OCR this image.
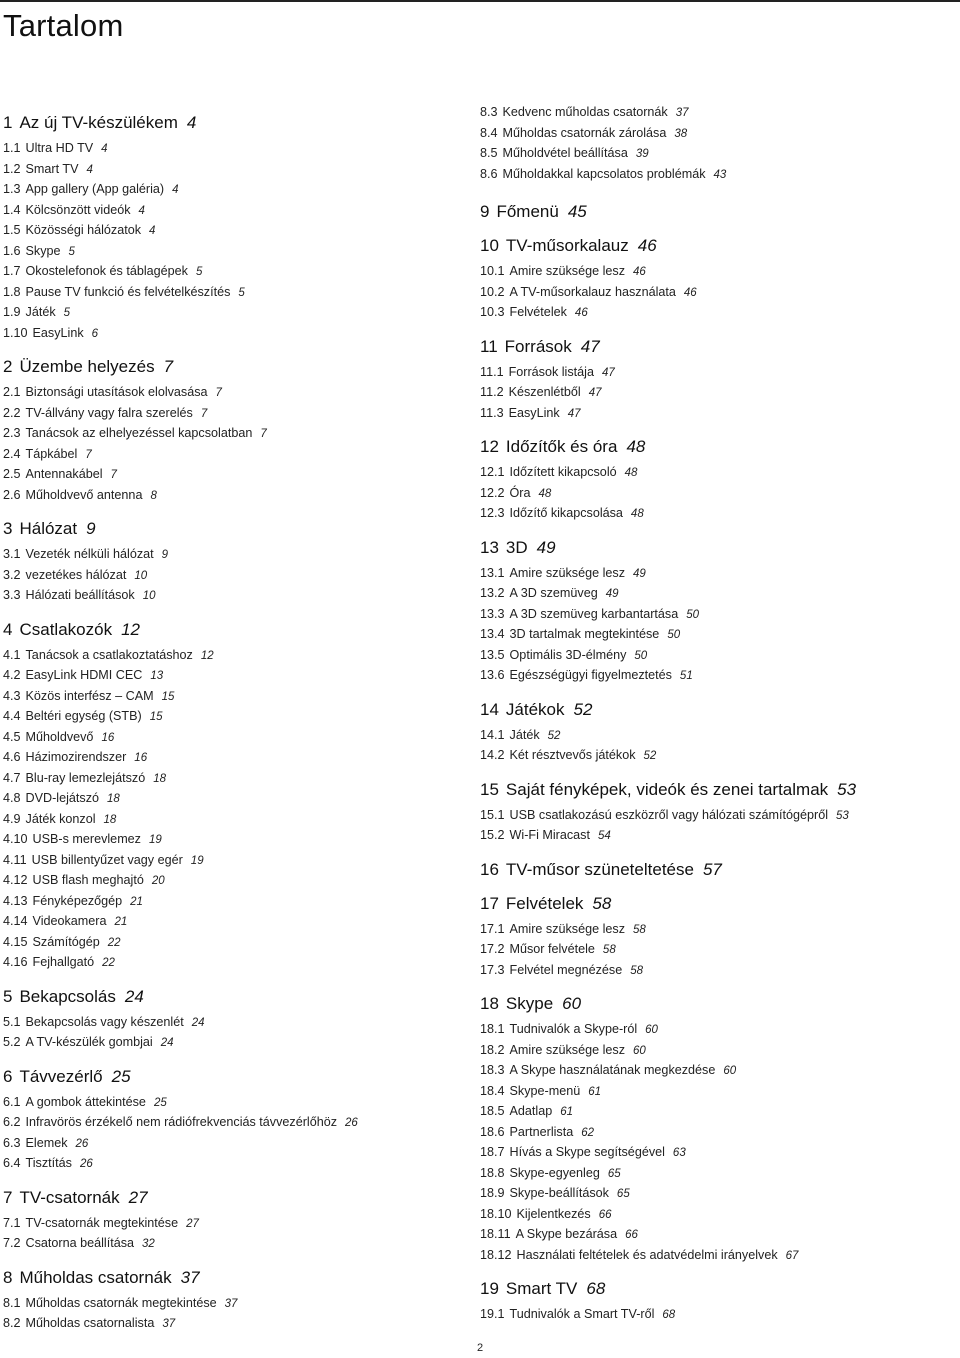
Tartalom
1 Az új TV-készülékem 4
1.1 Ultra HD TV 4
1.2 Smart TV 4
1.3 App gallery (App galéria) 4
1.4 Kölcsönzött videók 4
1.5 Közösségi hálózatok 4
1.6 Skype 5
1.7 Okostelefonok és táblagépek 5
1.8 Pause TV funkció és felvételkészítés 5
1.9 Játék 5
1.10 EasyLink 6
2 Üzembe helyezés 7
2.1 Biztonsági utasítások elolvasása 7
2.2 TV-állvány vagy falra szerelés 7
2.3 Tanácsok az elhelyezéssel kapcsolatban 7
2.4 Tápkábel 7
2.5 Antennakábel 7
2.6 Műholdvevő antenna 8
3 Hálózat 9
3.1 Vezeték nélküli hálózat 9
3.2 vezetékes hálózat 10
3.3 Hálózati beállítások 10
4 Csatlakozók 12
4.1 Tanácsok a csatlakoztatáshoz 12
4.2 EasyLink HDMI CEC 13
4.3 Közös interfész – CAM 15
4.4 Beltéri egység (STB) 15
4.5 Műholdvevő 16
4.6 Házimozirendszer 16
4.7 Blu-ray lemezlejátszó 18
4.8 DVD-lejátszó 18
4.9 Játék konzol 18
4.10 USB-s merevlemez 19
4.11 USB billentyűzet vagy egér 19
4.12 USB flash meghajtó 20
4.13 Fényképezőgép 21
4.14 Videokamera 21
4.15 Számítógép 22
4.16 Fejhallgató 22
5 Bekapcsolás 24
5.1 Bekapcsolás vagy készenlét 24
5.2 A TV-készülék gombjai 24
6 Távvezérlő 25
6.1 A gombok áttekintése 25
6.2 Infravörös érzékelő nem rádiófrekvenciás távvezérlőhöz 26
6.3 Elemek 26
6.4 Tisztítás 26
7 TV-csatornák 27
7.1 TV-csatornák megtekintése 27
7.2 Csatorna beállítása 32
8 Műholdas csatornák 37
8.1 Műholdas csatornák megtekintése 37
8.2 Műholdas csatornalista 37
8.3 Kedvenc műholdas csatornák 37
8.4 Műholdas csatornák zárolása 38
8.5 Műholdvétel beállítása 39
8.6 Műholdakkal kapcsolatos problémák 43
9 Főmenü 45
10 TV-műsorkalauz 46
10.1 Amire szüksége lesz 46
10.2 A TV-műsorkalauz használata 46
10.3 Felvételek 46
11 Források 47
11.1 Források listája 47
11.2 Készenlétből 47
11.3 EasyLink 47
12 Időzítők és óra 48
12.1 Időzített kikapcsoló 48
12.2 Óra 48
12.3 Időzítő kikapcsolása 48
13 3D 49
13.1 Amire szüksége lesz 49
13.2 A 3D szemüveg 49
13.3 A 3D szemüveg karbantartása 50
13.4 3D tartalmak megtekintése 50
13.5 Optimális 3D-élmény 50
13.6 Egészségügyi figyelmeztetés 51
14 Játékok 52
14.1 Játék 52
14.2 Két résztvevős játékok 52
15 Saját fényképek, videók és zenei tartalmak 53
15.1 USB csatlakozású eszközről vagy hálózati számítógépről 53
15.2 Wi-Fi Miracast 54
16 TV-műsor szüneteltetése 57
17 Felvételek 58
17.1 Amire szüksége lesz 58
17.2 Műsor felvétele 58
17.3 Felvétel megnézése 58
18 Skype 60
18.1 Tudnivalók a Skype-ról 60
18.2 Amire szüksége lesz 60
18.3 A Skype használatának megkezdése 60
18.4 Skype-menü 61
18.5 Adatlap 61
18.6 Partnerlista 62
18.7 Hívás a Skype segítségével 63
18.8 Skype-egyenleg 65
18.9 Skype-beállítások 65
18.10 Kijelentkezés 66
18.11 A Skype bezárása 66
18.12 Használati feltételek és adatvédelmi irányelvek 67
19 Smart TV 68
19.1 Tudnivalók a Smart TV-ről 68
2
